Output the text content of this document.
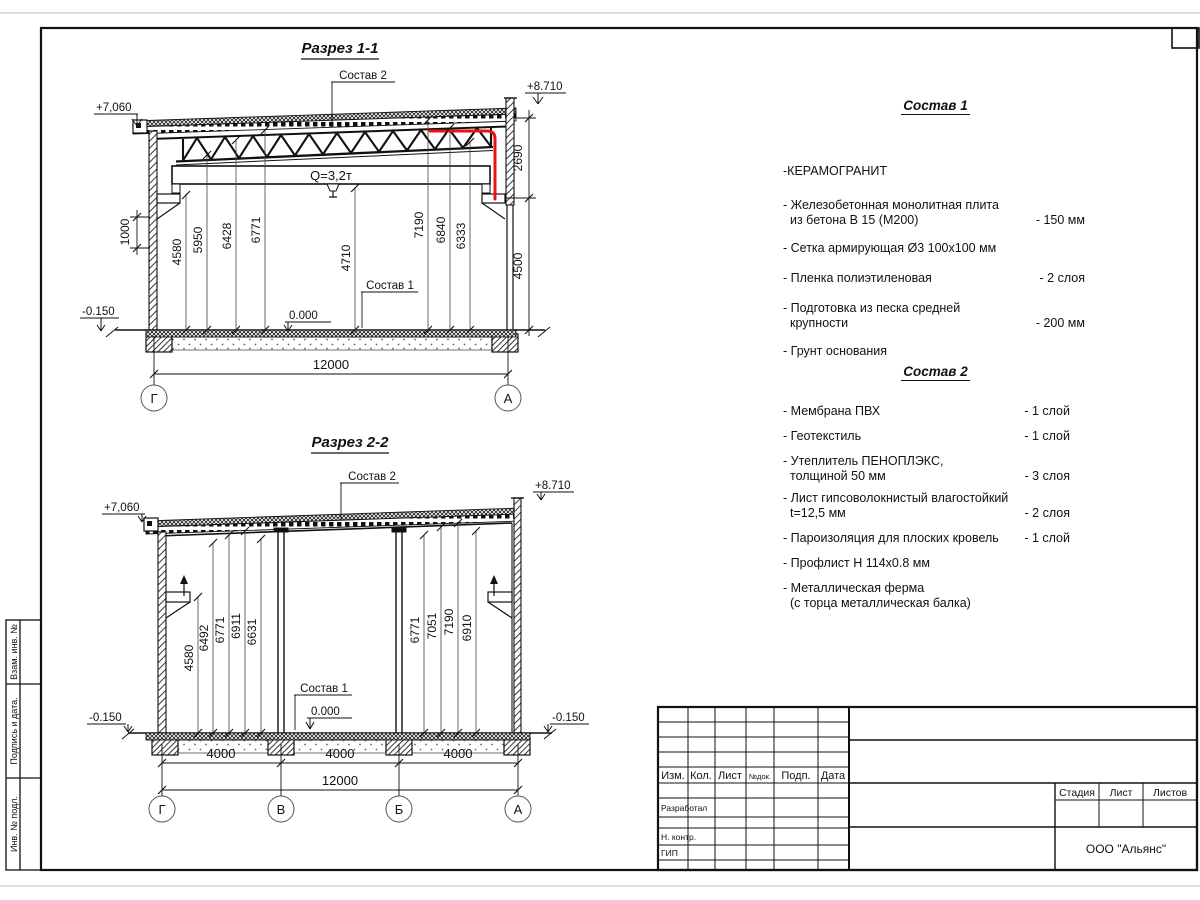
Взам. инв. №
Подпись и дата.
Инв. № подл.
Разрез 1-1
Q=3,2т
4580 5950 6428 6771
4710
7190 6840 6333
1000
2690
4500
12000
Г	А
+7,060
+8.710
0.000
-0.150
Состав 2
Состав 1
Разрез 2-2
4580
6492 6771 6911 6631	6771 7051 7190 6910
4000	4000	4000
12000
Г	В	Б	А
+7,060
+8.710
0.000
-0.150	-0.150
Состав 2
Состав 1
Изм. Кол. Лист №док. Подп. Дата
Разработал
Н. контр.
ГИП
Стадия Лист Листов
ООО "Альянс"
Состав 1
-КЕРАМОГРАНИТ
- Железобетонная монолитная плита
из бетона В 15 (М200)	- 150 мм
- Сетка армирующая Ø3 100х100 мм
- Пленка полиэтиленовая	- 2 слоя
- Подготовка из песка средней
крупности	- 200 мм
- Грунт основания
Состав 2
- Мембрана ПВХ	- 1 слой
- Геотекстиль	- 1 слой
- Утеплитель ПЕНОПЛЭКС,
толщиной 50 мм	- 3 слоя
- Лист гипсоволокнистый влагостойкий
t=12,5 мм	- 2 слоя
- Пароизоляция для плоских кровель	- 1 слой
- Профлист Н 114х0.8 мм
- Металлическая ферма
(с торца металлическая балка)
